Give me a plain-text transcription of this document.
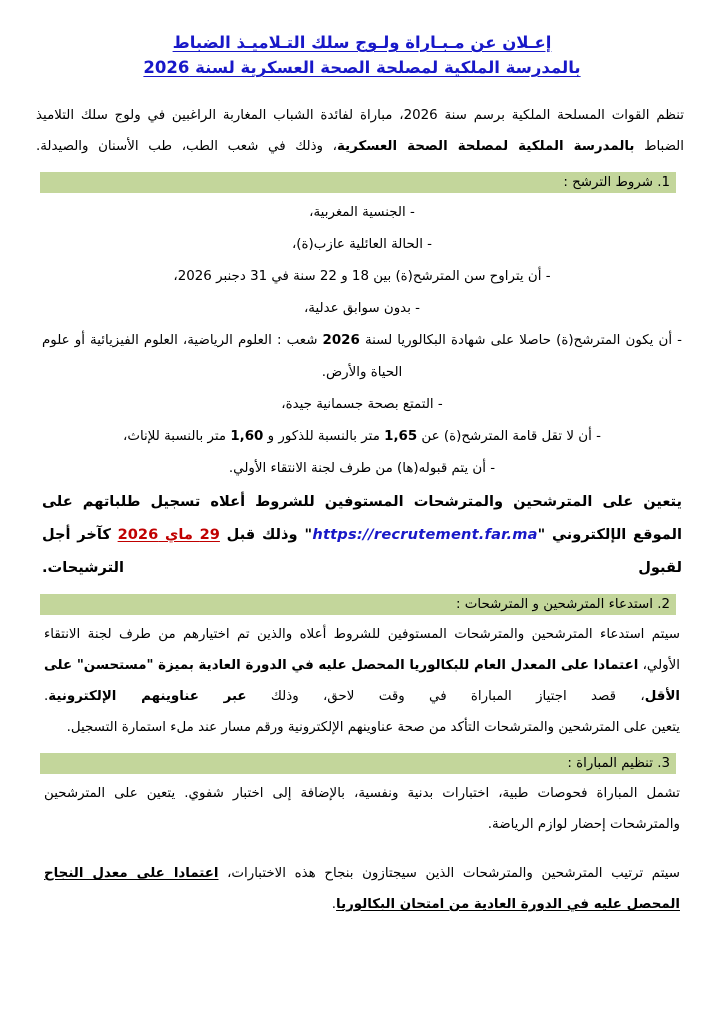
إعـلان عن مـبـاراة ولـوج سلك التـلاميـذ الضباط
بالمدرسة الملكية لمصلحة الصحة العسكرية لسنة 2026

تنظم القوات المسلحة الملكية برسم سنة 2026، مباراة لفائدة الشباب المغاربة الراغبين في ولوج سلك التلاميذ الضباط بالمدرسة الملكية لمصلحة الصحة العسكرية، وذلك في شعب الطب، طب الأسنان والصيدلة.

1. شروط الترشح :
- الجنسية المغربية،
- الحالة العائلية عازب(ة)،
- أن يتراوح سن المترشح(ة) بين 18 و 22 سنة في 31 دجنبر 2026،
- بدون سوابق عدلية،
- أن يكون المترشح(ة) حاصلا على شهادة البكالوريا لسنة 2026 شعب : العلوم الرياضية، العلوم الفيزيائية أو علوم الحياة والأرض.
- التمتع بصحة جسمانية جيدة،
- أن لا تقل قامة المترشح(ة) عن 1,65 متر بالنسبة للذكور و 1,60 متر بالنسبة للإناث،
- أن يتم قبوله(ها) من طرف لجنة الانتقاء الأولي.

يتعين على المترشحين والمترشحات المستوفين للشروط أعلاه تسجيل طلباتهم على الموقع الإلكتروني "https://recrutement.far.ma" وذلك قبل 29 ماي 2026 كآخر أجل لقبول الترشيحات.

2. استدعاء المترشحين و المترشحات :

سيتم استدعاء المترشحين والمترشحات المستوفين للشروط أعلاه والذين تم اختيارهم من طرف لجنة الانتقاء الأولي، اعتمادا على المعدل العام للبكالوريا المحصل عليه في الدورة العادية بميزة "مستحسن" على الأقل، قصد اجتياز المباراة في وقت لاحق، وذلك عبر عناوينهم الإلكترونية.

يتعين على المترشحين والمترشحات التأكد من صحة عناوينهم الإلكترونية ورقم مسار عند ملء استمارة التسجيل.

3. تنظيم المباراة :

تشمل المباراة فحوصات طبية، اختبارات بدنية ونفسية، بالإضافة إلى اختبار شفوي. يتعين على المترشحين والمترشحات إحضار لوازم الرياضة.

سيتم ترتيب المترشحين والمترشحات الذين سيجتازون بنجاح هذه الاختبارات، اعتمادا على معدل النجاح المحصل عليه في الدورة العادية من امتحان البكالوريا.
